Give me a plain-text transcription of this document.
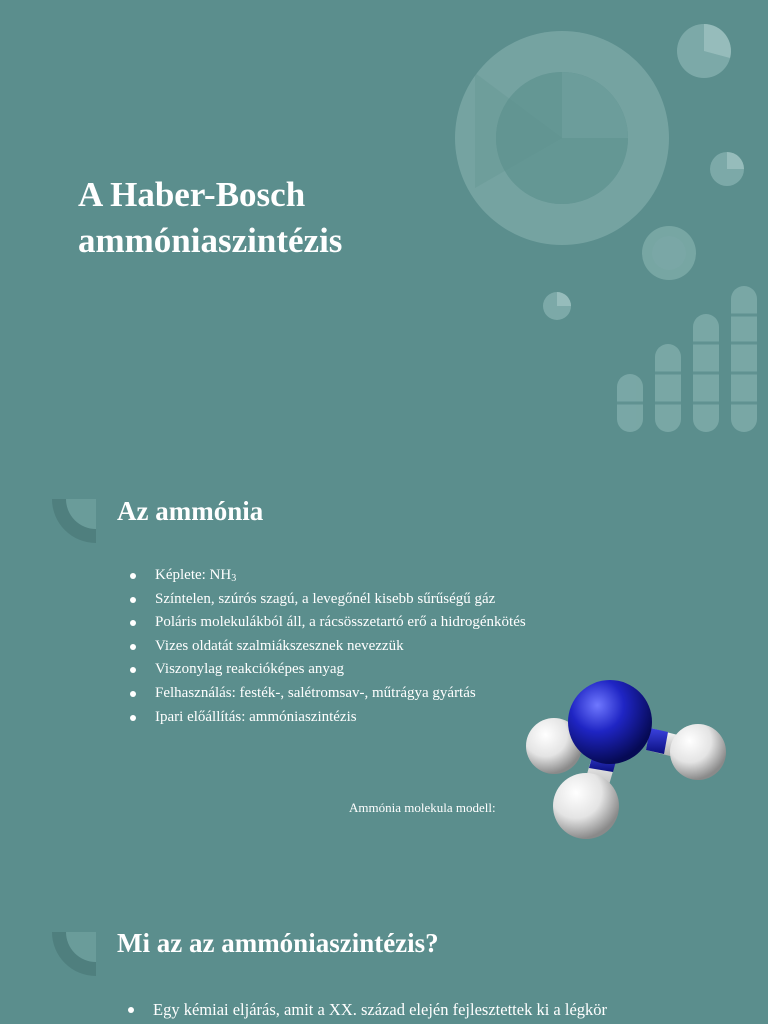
A Haber-Bosch
ammóniaszintézis
Az ammónia
Képlete: $NH_3$
Színtelen, szúrós szagú, a levegőnél kisebb sűrűségű gáz
Poláris molekulákból áll, a rácsösszetartó erő a hidrogénkötés
Vizes oldatát szalmiákszesznek nevezzük
Viszonylag reakcióképes anyag
Felhasználás: festék-, salétromsav-, műtrágya gyártás
Ipari előállítás: ammóniaszintézis
Ammónia molekula modell:
Mi az az ammóniaszintézis?
Egy kémiai eljárás, amit a XX. század elején fejlesztettek ki a légkör
